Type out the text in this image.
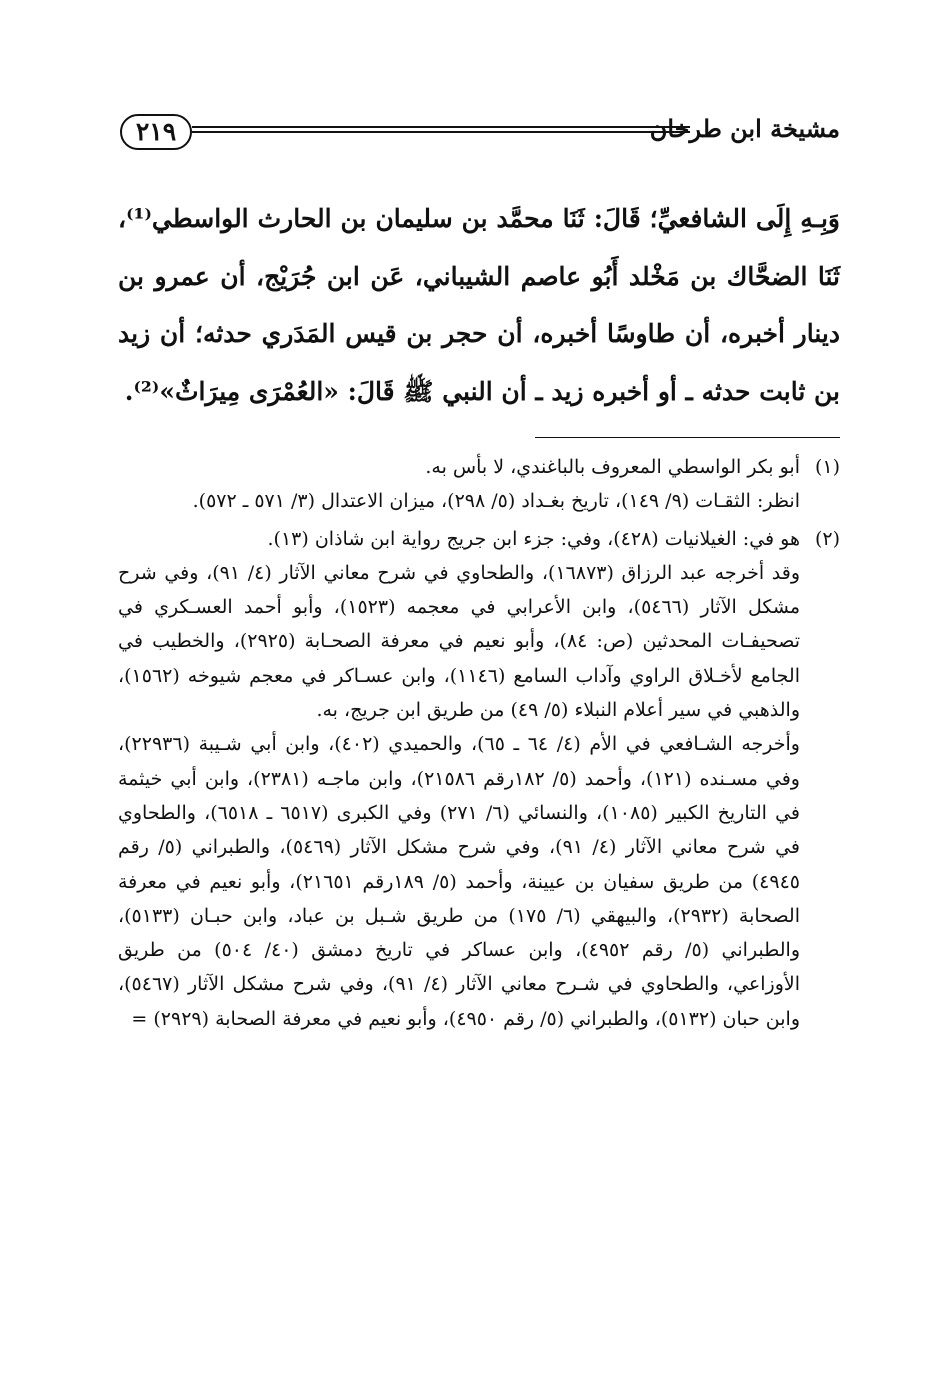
٢١٩	مشيخة ابن طرخان

وَبِـهِ إِلَى الشافعيِّ؛ قَالَ: ثَنَا محمَّد بن سليمان بن الحارث الواسطي⁽¹⁾، ثَنَا الضحَّاك بن مَخْلد أَبُو عاصم الشيباني، عَن ابن جُرَيْج، أن عمرو بن دينار أخبره، أن طاوسًا أخبره، أن حجر بن قيس المَدَري حدثه؛ أن زيد بن ثابت حدثه ـ أو أخبره زيد ـ أن النبي ﷺ قَالَ: «العُمْرَى مِيرَاثٌ»⁽²⁾.

(١)

أبو بكر الواسطي المعروف بالباغندي، لا بأس به.

انظر: الثقـات (٩/ ١٤٩)، تاريخ بغـداد (٥/ ٢٩٨)، ميزان الاعتدال (٣/ ٥٧١ ـ ٥٧٢).

(٢)

هو في: الغيلانيات (٤٢٨)، وفي: جزء ابن جريج رواية ابن شاذان (١٣).

وقد أخرجه عبد الرزاق (١٦٨٧٣)، والطحاوي في شرح معاني الآثار (٤/ ٩١)، وفي شرح مشكل الآثار (٥٤٦٦)، وابن الأعرابي في معجمه (١٥٢٣)، وأبو أحمد العسـكري في تصحيفـات المحدثين (ص: ٨٤)، وأبو نعيم في معرفة الصحـابة (٢٩٢٥)، والخطيب في الجامع لأخـلاق الراوي وآداب السامع (١١٤٦)، وابن عسـاكر في معجم شيوخه (١٥٦٢)، والذهبي في سير أعلام النبلاء (٥/ ٤٩) من طريق ابن جريج، به.

وأخرجه الشـافعي في الأم (٤/ ٦٤ ـ ٦٥)، والحميدي (٤٠٢)، وابن أبي شـيبة (٢٢٩٣٦)، وفي مسـنده (١٢١)، وأحمد (٥/ ١٨٢رقم ٢١٥٨٦)، وابن ماجـه (٢٣٨١)، وابن أبي خيثمة في التاريخ الكبير (١٠٨٥)، والنسائي (٦/ ٢٧١) وفي الكبرى (٦٥١٧ ـ ٦٥١٨)، والطحاوي في شرح معاني الآثار (٤/ ٩١)، وفي شرح مشكل الآثار (٥٤٦٩)، والطبراني (٥/ رقم ٤٩٤٥) من طريق سفيان بن عيينة، وأحمد (٥/ ١٨٩رقم ٢١٦٥١)، وأبو نعيم في معرفة الصحابة (٢٩٣٢)، والبيهقي (٦/ ١٧٥) من طريق شـبل بن عباد، وابن حبـان (٥١٣٣)، والطبراني (٥/ رقم ٤٩٥٢)، وابن عساكر في تاريخ دمشق (٤٠/ ٥٠٤) من طريق الأوزاعي، والطحاوي في شـرح معاني الآثار (٤/ ٩١)، وفي شرح مشكل الآثار (٥٤٦٧)، وابن حبان (٥١٣٢)، والطبراني (٥/ رقم ٤٩٥٠)، وأبو نعيم في معرفة الصحابة (٢٩٢٩) =
